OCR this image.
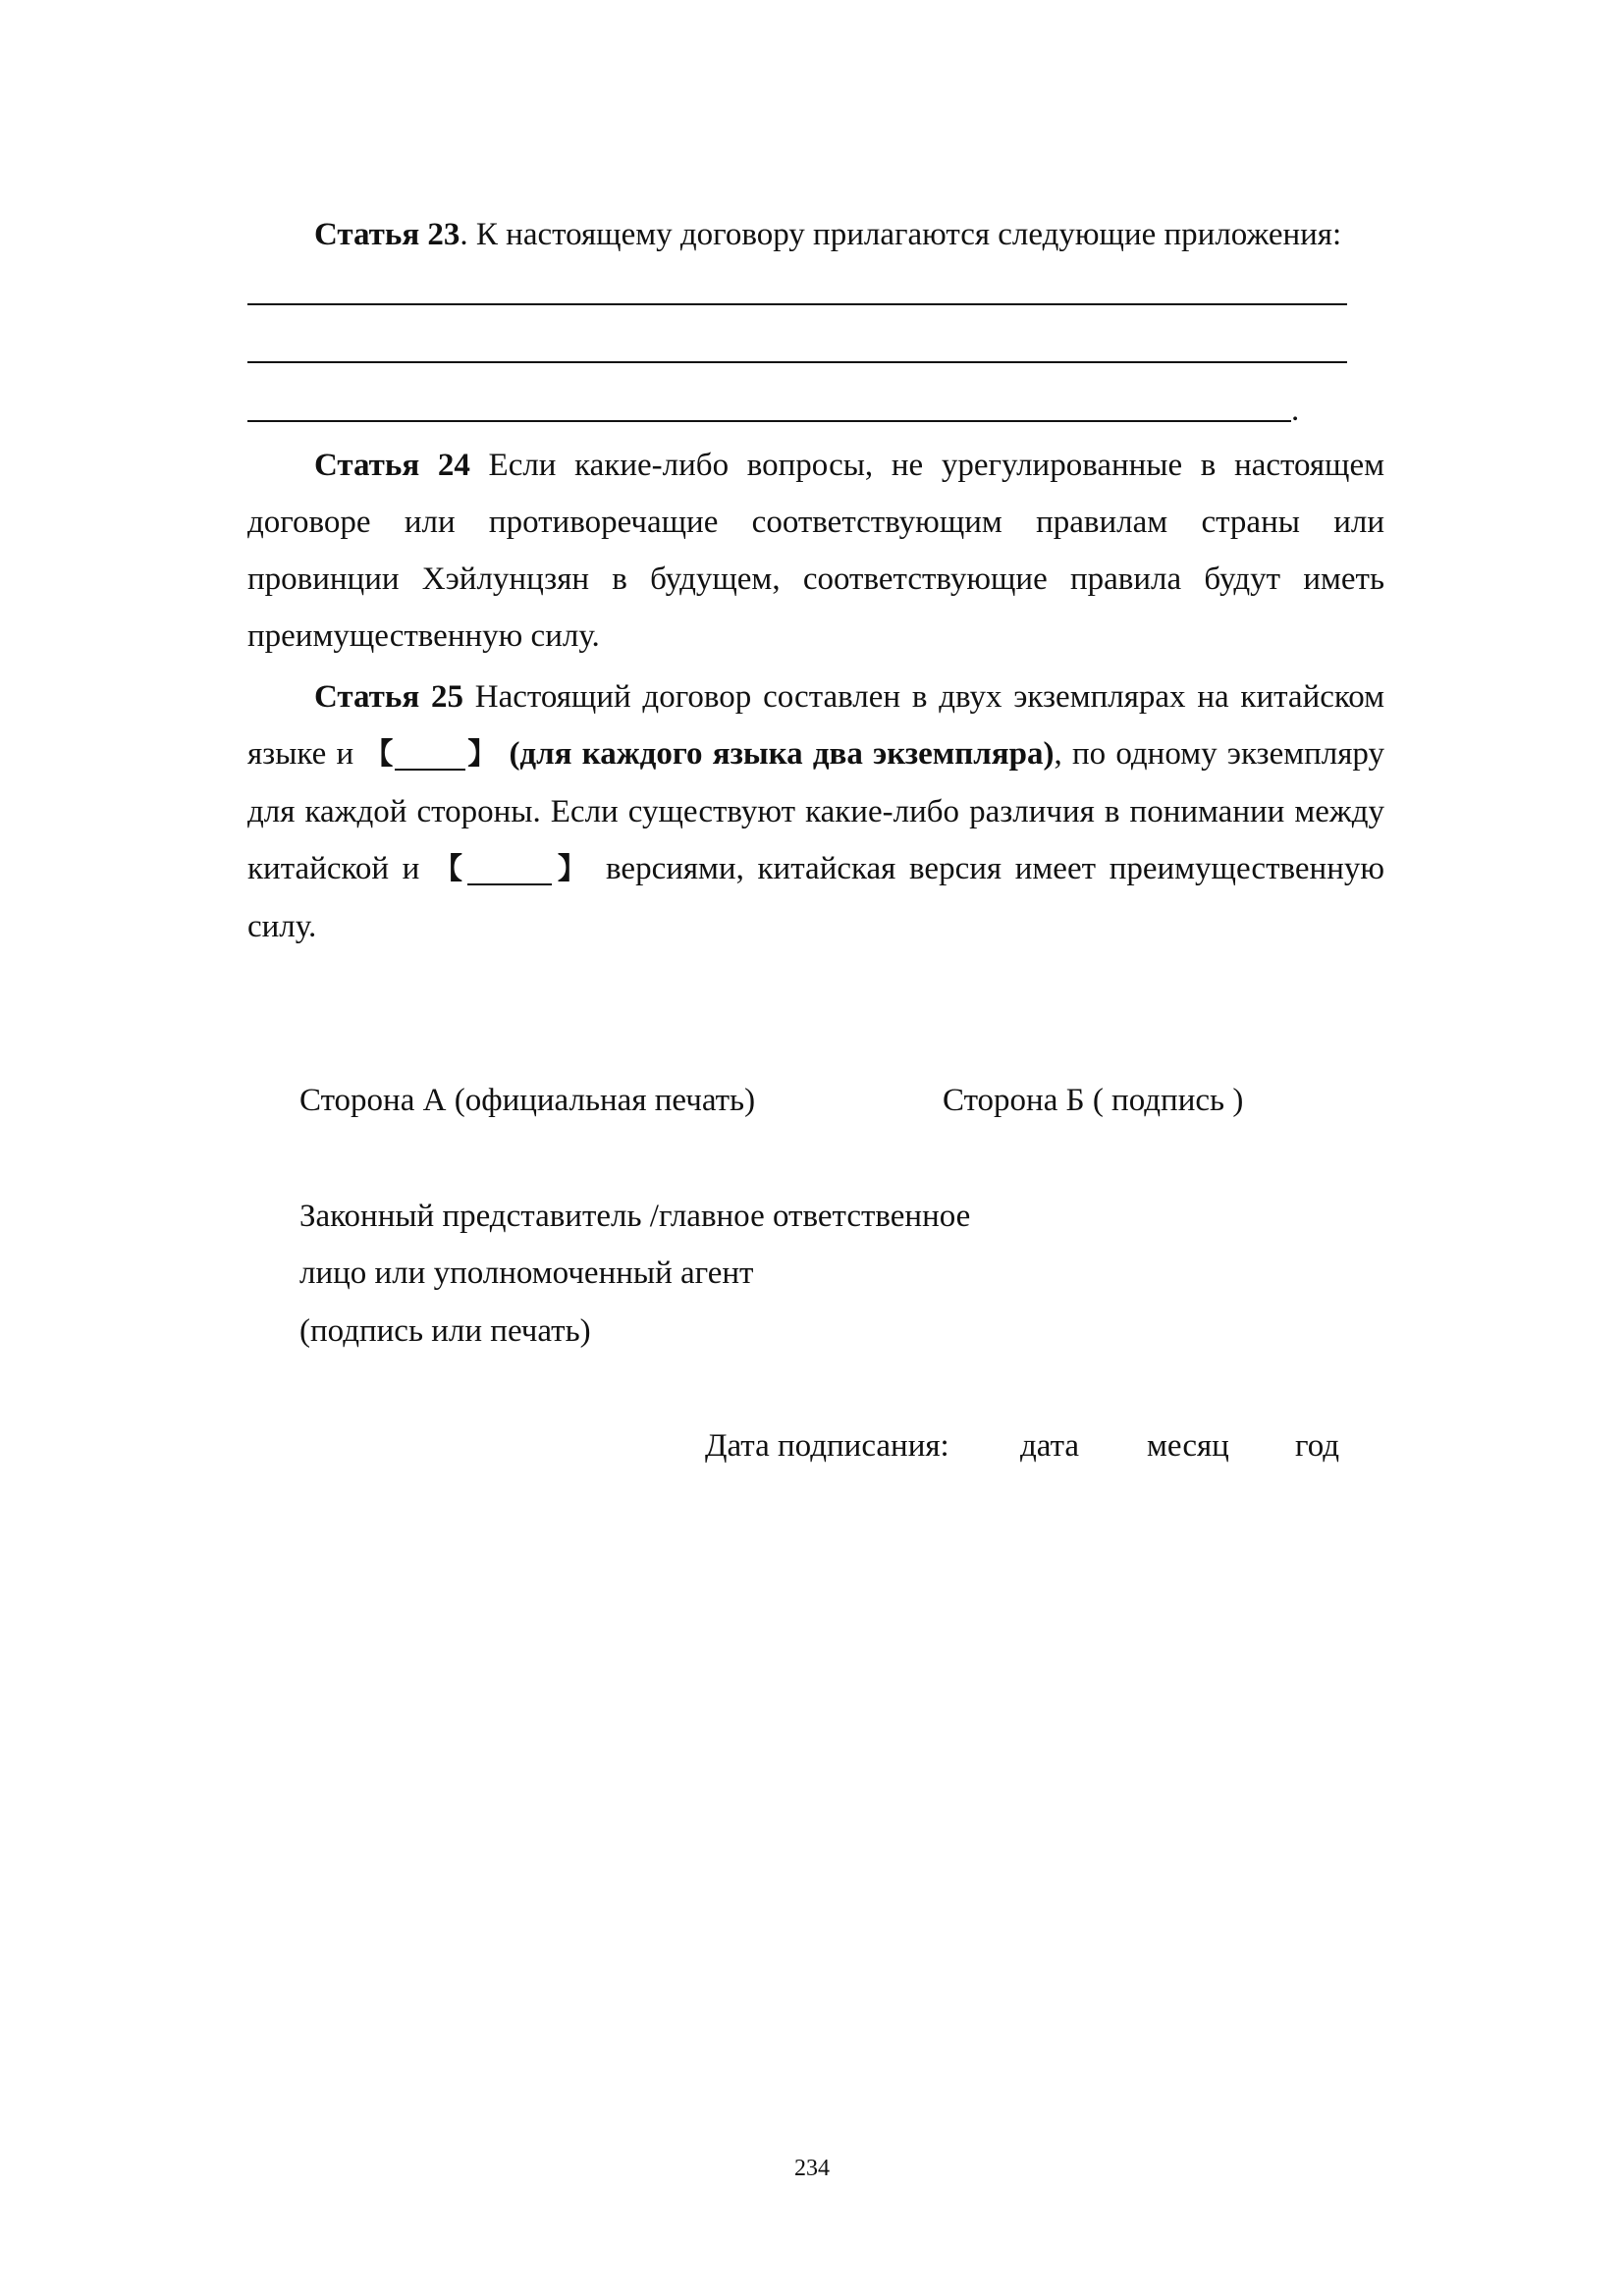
Статья 23. К настоящему договору прилагаются следующие приложения:
.
Статья 24 Если какие-либо вопросы, не урегулированные в настоящем договоре или противоречащие соответствующим правилам страны или провинции Хэйлунцзян в будущем, соответствующие правила будут иметь преимущественную силу.
Статья 25 Настоящий договор составлен в двух экземплярах на китайском языке и 【 】 (для каждого языка два экземпляра), по одному экземпляру для каждой стороны. Если существуют какие-либо различия в понимании между китайской и 【	】 версиями, китайская версия имеет преимущественную силу.
Сторона А (официальная печать)	Сторона Б ( подпись )
Законный представитель /главное ответственное
лицо или уполномоченный агент
(подпись или печать)
Дата подписания: дата месяц год
234
